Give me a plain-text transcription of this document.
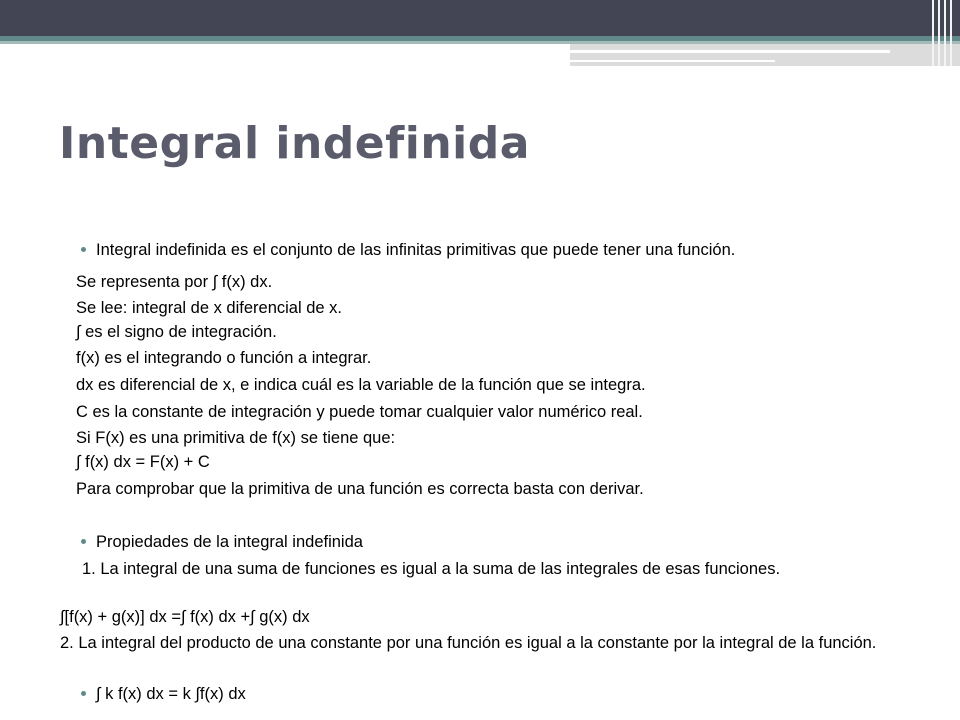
Integral indefinida
Integral indefinida es el conjunto de las infinitas primitivas que puede tener una función.
Se representa por ∫ f(x) dx.
Se lee: integral de x diferencial de x.
∫ es el signo de integración.
f(x) es el integrando o función a integrar.
dx es diferencial de x, e indica cuál es la variable de la función que se integra.
C es la constante de integración y puede tomar cualquier valor numérico real.
Si F(x) es una primitiva de f(x) se tiene que:
∫ f(x) dx = F(x) + C
Para comprobar que la primitiva de una función es correcta basta con derivar.
Propiedades de la integral indefinida
1. La integral de una suma de funciones es igual a la suma de las integrales de esas funciones.
∫[f(x) + g(x)] dx =∫ f(x) dx +∫ g(x) dx
2. La integral del producto de una constante por una función es igual a la constante por la integral de la función.
∫ k f(x) dx = k ∫f(x) dx
